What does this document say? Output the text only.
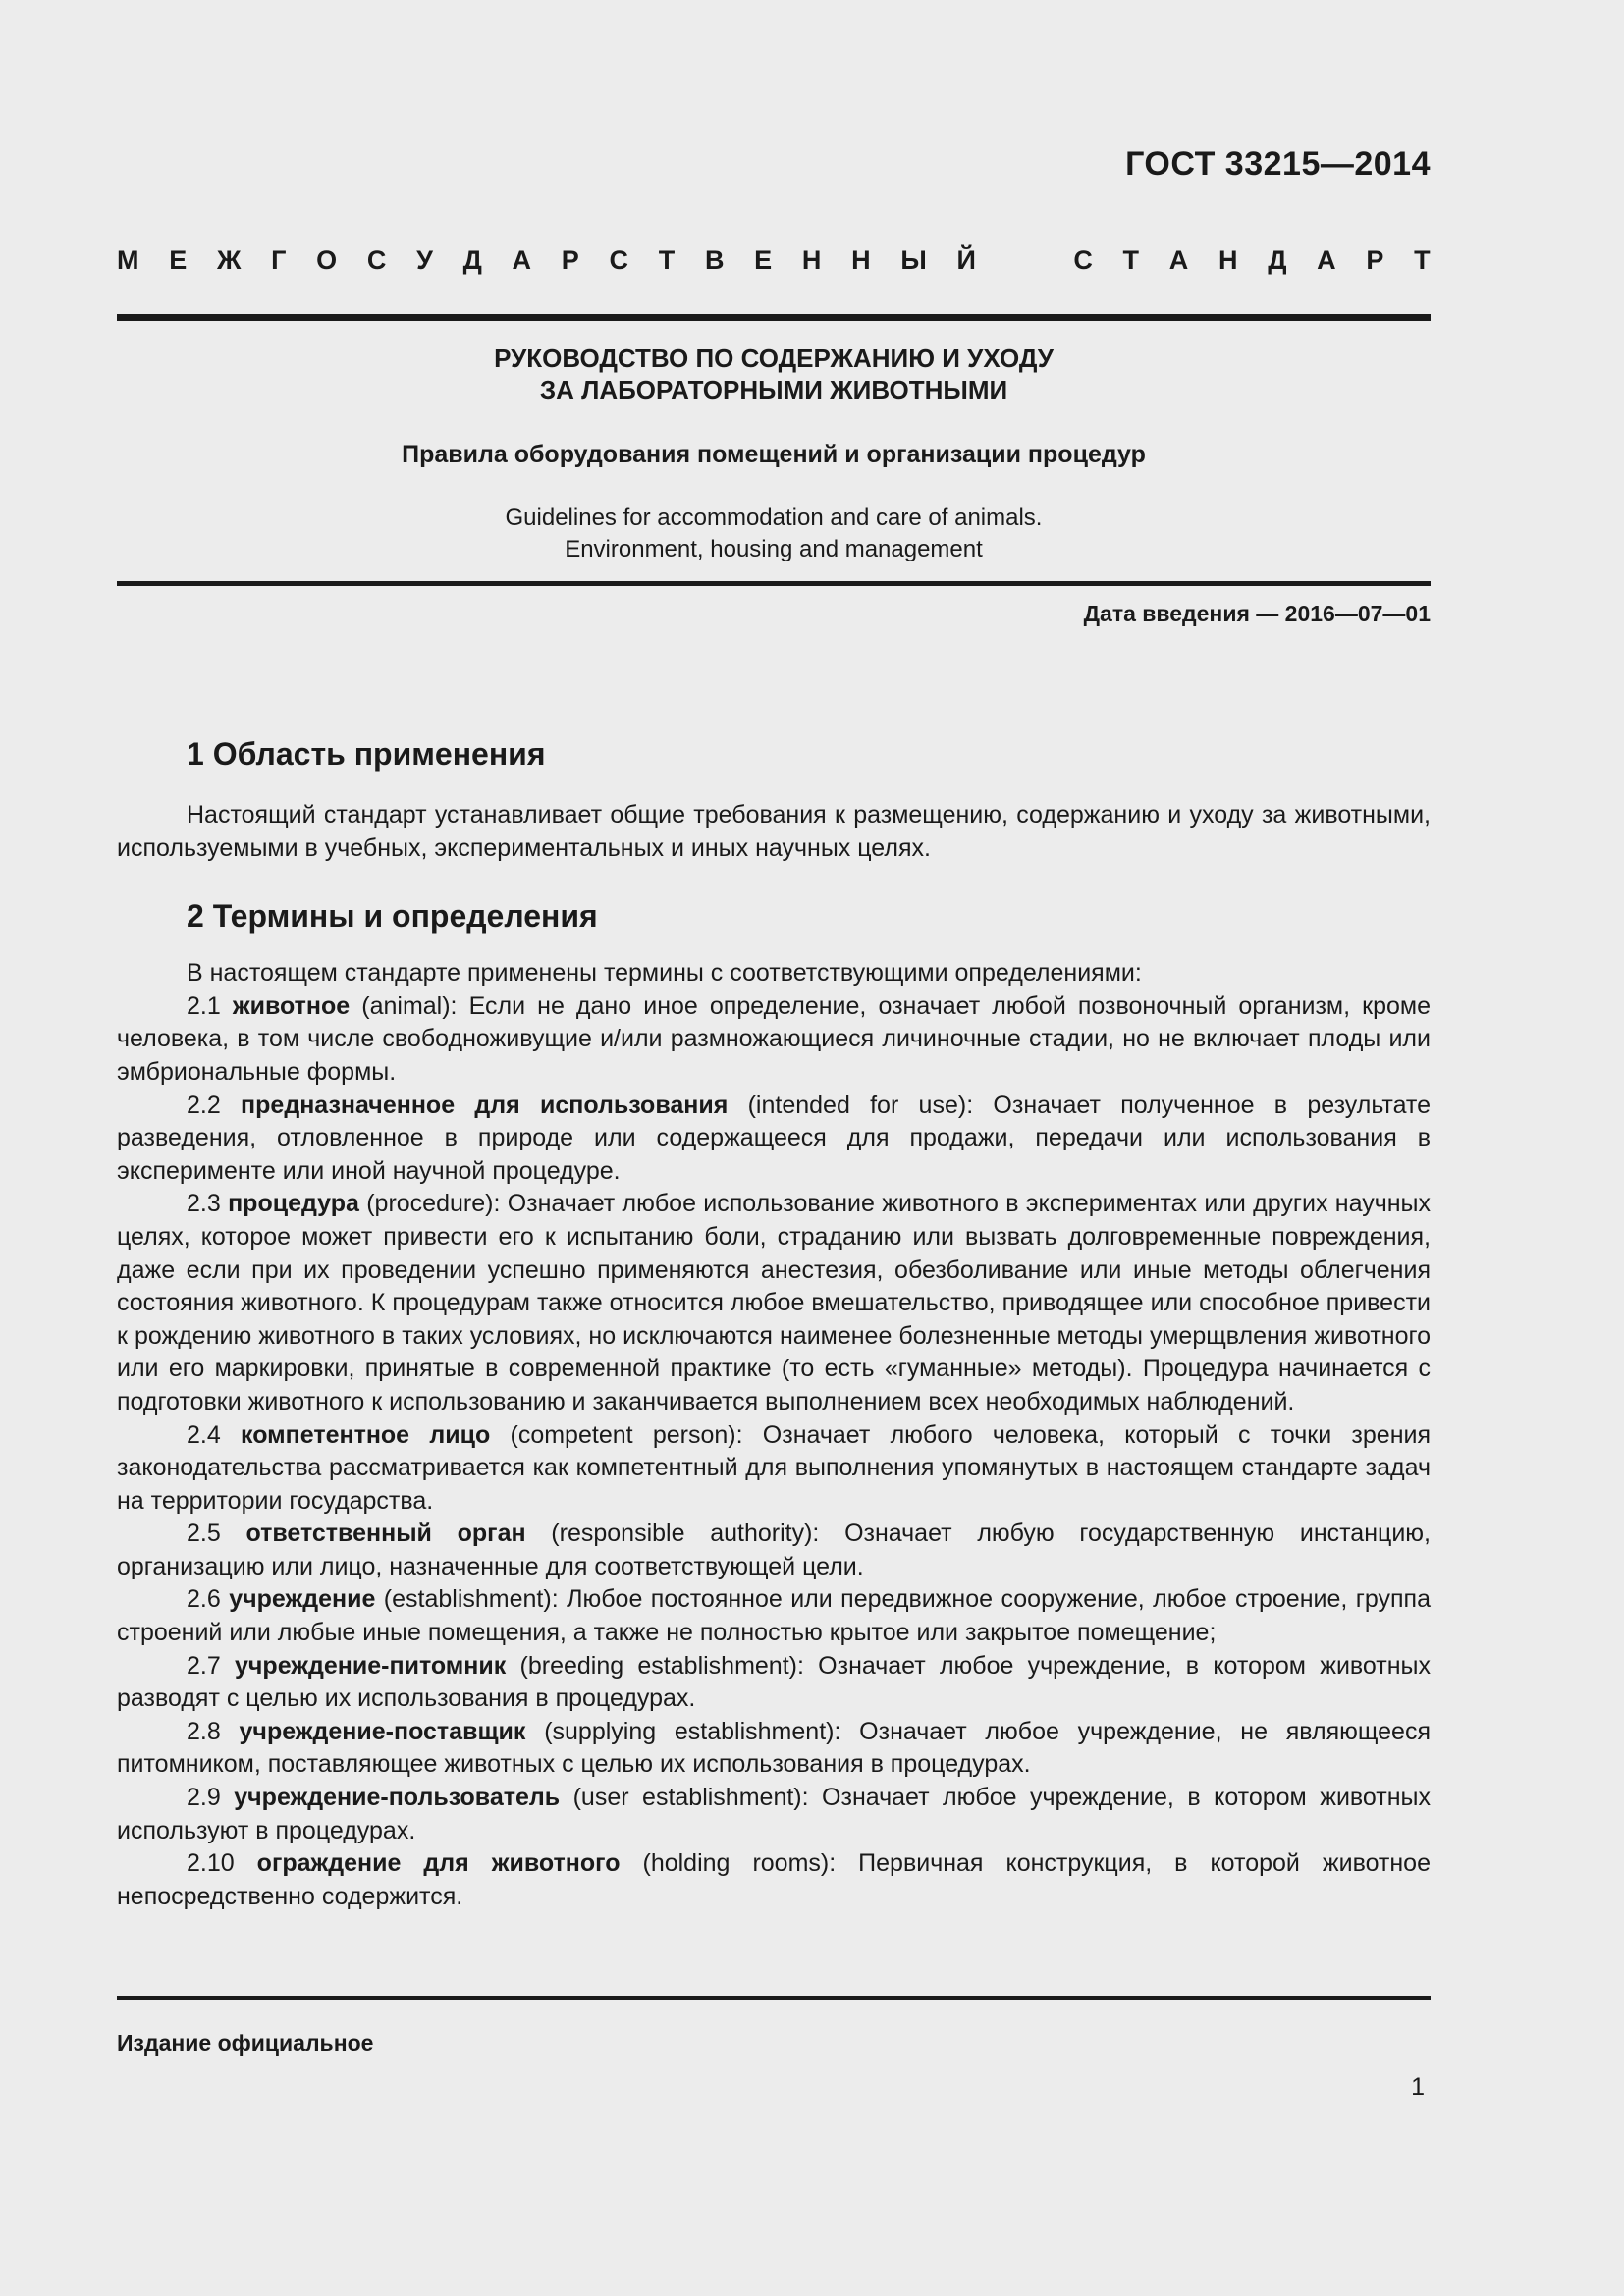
ГОСТ 33215—2014
М Е Ж Г О С У Д А Р С Т В Е Н Н Ы Й	С Т А Н Д А Р Т
РУКОВОДСТВО ПО СОДЕРЖАНИЮ И УХОДУ
ЗА ЛАБОРАТОРНЫМИ ЖИВОТНЫМИ
Правила оборудования помещений и организации процедур
Guidelines for accommodation and care of animals.
Environment, housing and management
Дата введения — 2016—07—01
1 Область применения

Настоящий стандарт устанавливает общие требования к размещению, содержанию и уходу за животными, используемыми в учебных, экспериментальных и иных научных целях.

2 Термины и определения

В настоящем стандарте применены термины с соответствующими определениями:

2.1 животное (animal): Если не дано иное определение, означает любой позвоночный организм, кроме человека, в том числе свободноживущие и/или размножающиеся личиночные стадии, но не включает плоды или эмбриональные формы.

2.2 предназначенное для использования (intended for use): Означает полученное в результате разведения, отловленное в природе или содержащееся для продажи, передачи или использования в эксперименте или иной научной процедуре.

2.3 процедура (procedure): Означает любое использование животного в экспериментах или других научных целях, которое может привести его к испытанию боли, страданию или вызвать долговременные повреждения, даже если при их проведении успешно применяются анестезия, обезболивание или иные методы облегчения состояния животного. К процедурам также относится любое вмешательство, приводящее или способное привести к рождению животного в таких условиях, но исключаются наименее болезненные методы умерщвления животного или его маркировки, принятые в современной практике (то есть «гуманные» методы). Процедура начинается с подготовки животного к использованию и заканчивается выполнением всех необходимых наблюдений.

2.4 компетентное лицо (competent person): Означает любого человека, который с точки зрения законодательства рассматривается как компетентный для выполнения упомянутых в настоящем стандарте задач на территории государства.

2.5 ответственный орган (responsible authority): Означает любую государственную инстанцию, организацию или лицо, назначенные для соответствующей цели.

2.6 учреждение (establishment): Любое постоянное или передвижное сооружение, любое строение, группа строений или любые иные помещения, а также не полностью крытое или закрытое помещение;

2.7 учреждение-питомник (breeding establishment): Означает любое учреждение, в котором животных разводят с целью их использования в процедурах.

2.8 учреждение-поставщик (supplying establishment): Означает любое учреждение, не являющееся питомником, поставляющее животных с целью их использования в процедурах.

2.9 учреждение-пользователь (user establishment): Означает любое учреждение, в котором животных используют в процедурах.

2.10 ограждение для животного (holding rooms): Первичная конструкция, в которой животное непосредственно содержится.

Издание официальное
1
